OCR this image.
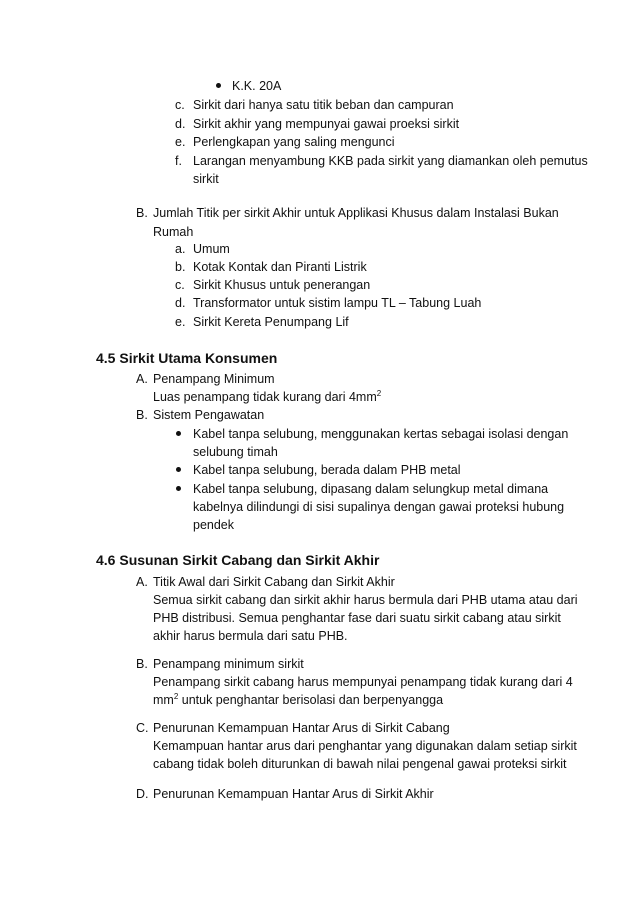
K.K. 20A
c. Sirkit dari hanya satu titik beban dan campuran
d. Sirkit akhir yang mempunyai gawai proeksi sirkit
e. Perlengkapan yang saling mengunci
f. Larangan menyambung KKB pada sirkit yang diamankan oleh pemutus
sirkit
B. Jumlah Titik per sirkit Akhir untuk Applikasi Khusus dalam Instalasi Bukan
Rumah
a. Umum
b. Kotak Kontak dan Piranti Listrik
c. Sirkit Khusus untuk penerangan
d. Transformator untuk sistim lampu TL – Tabung Luah
e. Sirkit Kereta Penumpang Lif
4.5 Sirkit Utama Konsumen
A. Penampang Minimum
Luas penampang tidak kurang dari $4mm^2$
B. Sistem Pengawatan
Kabel tanpa selubung, menggunakan kertas sebagai isolasi dengan
selubung timah
Kabel tanpa selubung, berada dalam PHB metal
Kabel tanpa selubung, dipasang dalam selungkup metal dimana
kabelnya dilindungi di sisi supalinya dengan gawai proteksi hubung
pendek
4.6 Susunan Sirkit Cabang dan Sirkit Akhir
A. Titik Awal dari Sirkit Cabang dan Sirkit Akhir
Semua sirkit cabang dan sirkit akhir harus bermula dari PHB utama atau dari
PHB distribusi. Semua penghantar fase dari suatu sirkit cabang atau sirkit
akhir harus bermula dari satu PHB.
B. Penampang minimum sirkit
Penampang sirkit cabang harus mempunyai penampang tidak kurang dari 4
$mm^2$ untuk penghantar berisolasi dan berpenyangga
C. Penurunan Kemampuan Hantar Arus di Sirkit Cabang
Kemampuan hantar arus dari penghantar yang digunakan dalam setiap sirkit
cabang tidak boleh diturunkan di bawah nilai pengenal gawai proteksi sirkit
D. Penurunan Kemampuan Hantar Arus di Sirkit Akhir
